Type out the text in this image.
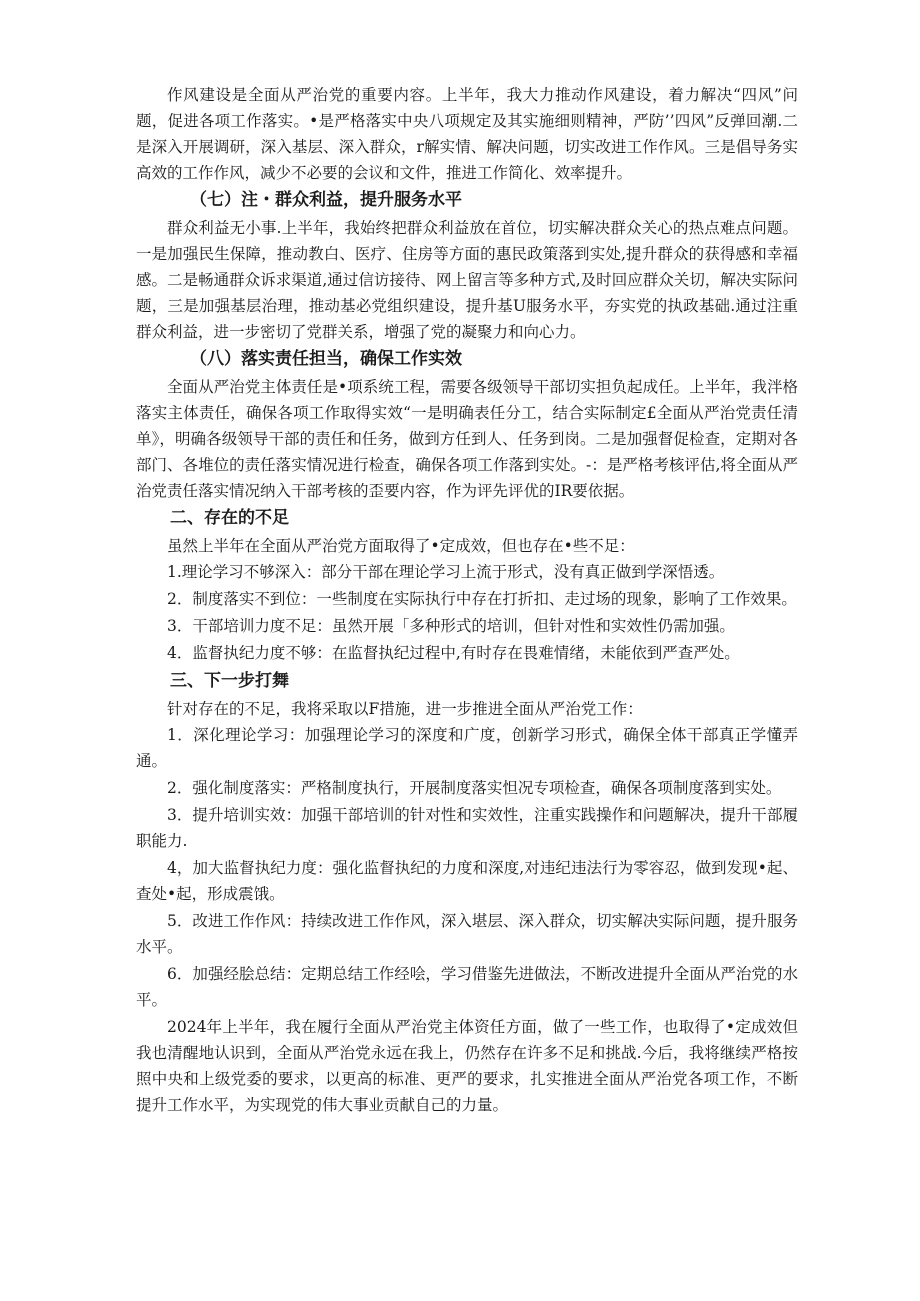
作风建设是全面从严治党的重要内容。上半年，我大力推动作风建设，着力解决“四风”问题，促进各项工作落实。•是严格落实中央八项规定及其实施细则精神，严防’’四风”反弹回潮.二是深入开展调研，深入基层、深入群众，r解实情、解决问题，切实改进工作作风。三是倡导务实高效的工作作风，减少不必要的会议和文件，推进工作简化、效率提升。

（七）注・群众利益，提升服务水平

群众利益无小事.上半年，我始终把群众利益放在首位，切实解决群众关心的热点难点问题。一是加强民生保障，推动教白、医疗、住房等方面的惠民政策落到实处,提升群众的获得感和幸福感。二是畅通群众诉求渠道,通过信访接待、网上留言等多种方式,及时回应群众关切，解决实际问题，三是加强基层治理，推动基必党组织建设，提升基U服务水平，夯实党的执政基础.通过注重群众利益，进一步密切了党群关系，增强了党的凝聚力和向心力。

（八）落实责任担当，确保工作实效

全面从严治党主体责任是•项系统工程，需要各级领导干部切实担负起成任。上半年，我泮格落实主体责任，确保各项工作取得实效“一是明确表任分工，结合实际制定£全面从严治党责任清单》，明确各级领导干部的责任和任务，做到方任到人、任务到岗。二是加强督促检查，定期对各部门、各堆位的责任落实情况进行检查，确保各项工作落到实处。-：是严格考核评估,将全面从严治党责任落实情况纳入干部考核的歪要内容，作为评先评优的IR要依据。

二、存在的不足

虽然上半年在全面从严治党方面取得了•定成效，但也存在•些不足：

1.理论学习不够深入：部分干部在理论学习上流于形式，没有真正做到学深悟透。

2．制度落实不到位：一些制度在实际执行中存在打折扣、走过场的现象，影响了工作效果。

3．干部培训力度不足：虽然开展「多种形式的培训，但针对性和实效性仍需加强。

4．监督执纪力度不够：在监督执纪过程中,有时存在畏难情绪，未能依到严查严处。

三、下一步打舞

针对存在的不足，我将采取以F措施，进一步推进全面从严治党工作：

1．深化理论学习：加强理论学习的深度和广度，创新学习形式，确保全体干部真正学懂弄通。

2．强化制度落实：严格制度执行，开展制度落实怛况专项检查，确保各项制度落到实处。

3．提升培训实效：加强干部培训的针对性和实效性，注重实践操作和问题解决，提升干部履职能力.

4，加大监督执纪力度：强化监督执纪的力度和深度,对违纪违法行为零容忍，做到发现•起、查处•起，形成震饿。

5．改进工作作风：持续改进工作作风，深入堪层、深入群众，切实解决实际问题，提升服务水平。

6．加强经脍总结：定期总结工作经哙，学习借鉴先进做法，不断改进提升全面从严治党的水平。

2024年上半年，我在履行全面从严治党主体资任方面，做了一些工作，也取得了•定成效但我也清醒地认识到，全面从严治党永远在我上，仍然存在许多不足和挑战.今后，我将继续严格按照中央和上级党委的要求，以更高的标准、更严的要求，扎实推进全面从严治党各项工作，不断提升工作水平，为实现党的伟大事业贡献自己的力量。
